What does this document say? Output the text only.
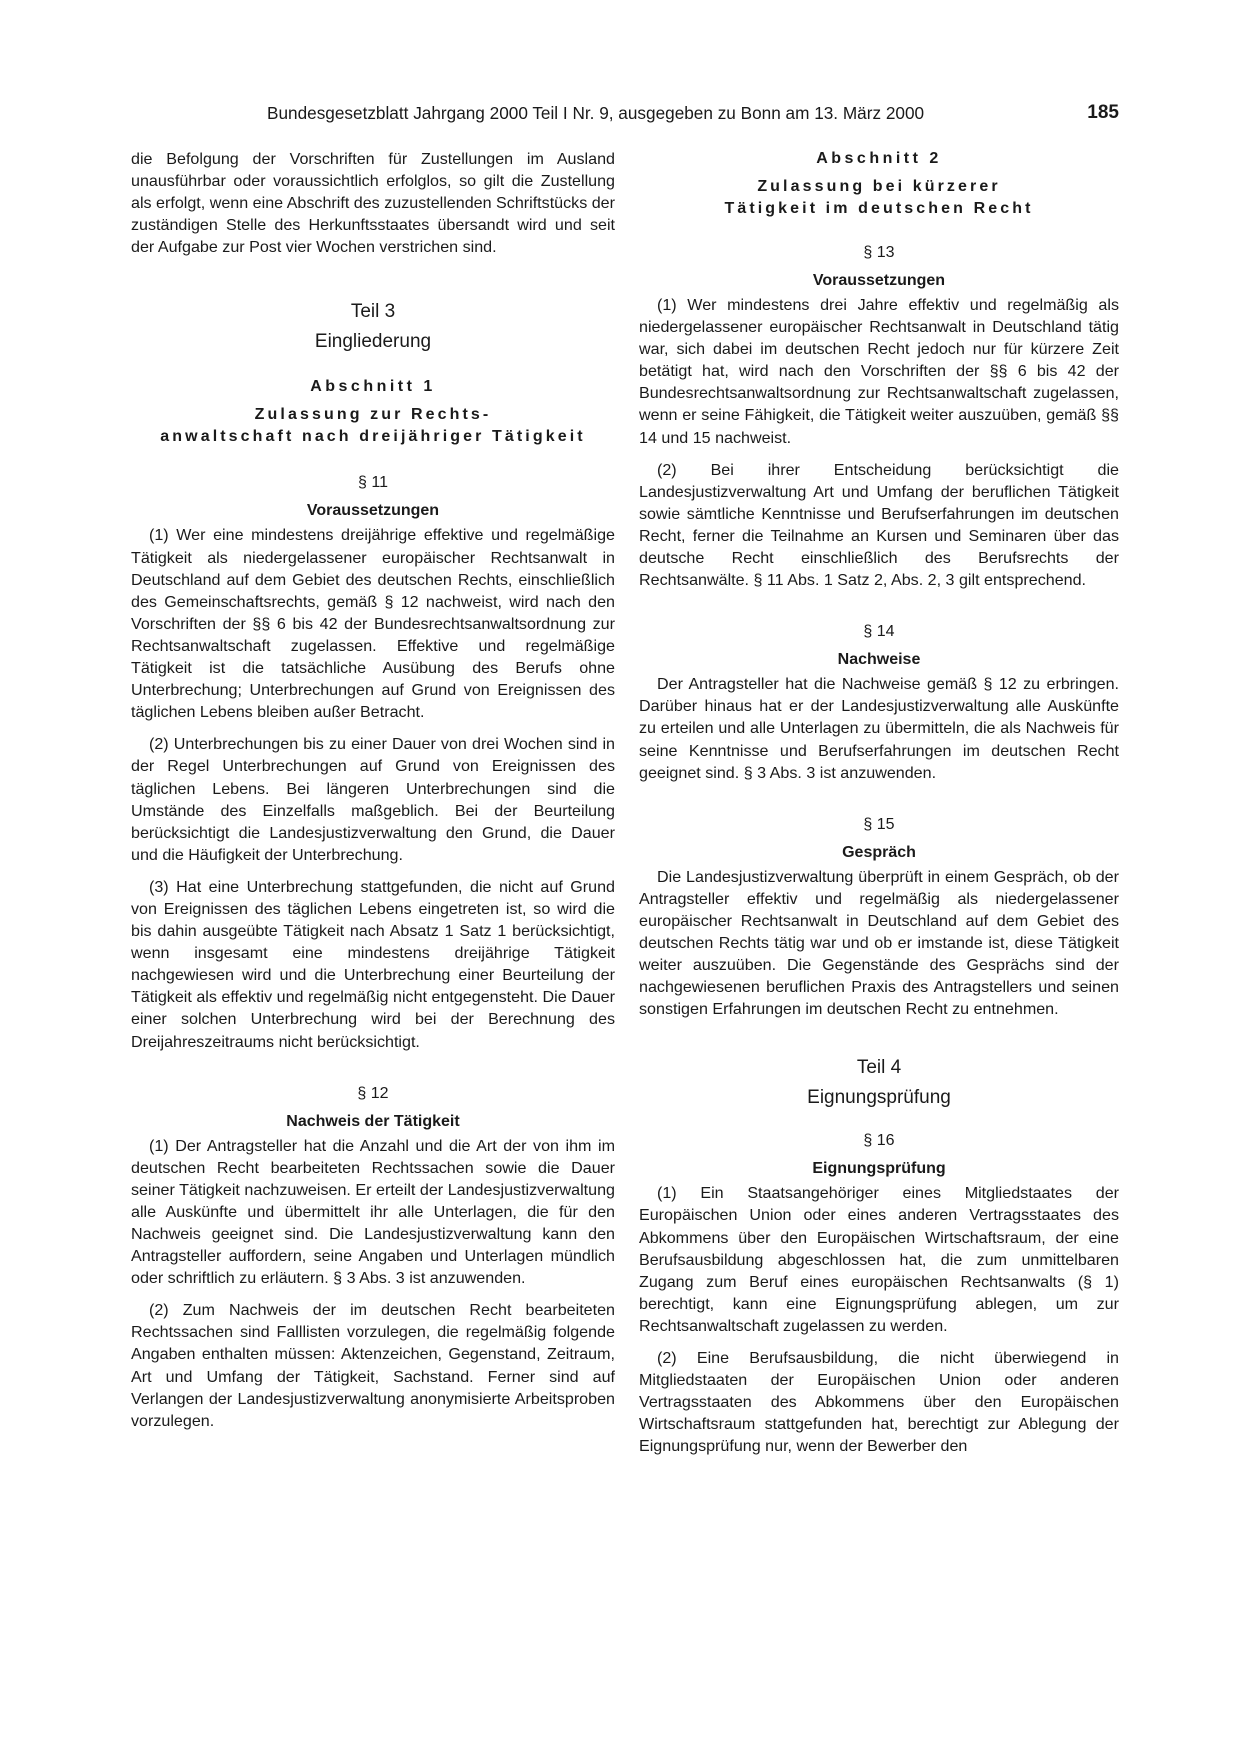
Bundesgesetzblatt Jahrgang 2000 Teil I Nr. 9, ausgegeben zu Bonn am 13. März 2000	185

die Befolgung der Vorschriften für Zustellungen im Ausland unausführbar oder voraussichtlich erfolglos, so gilt die Zustellung als erfolgt, wenn eine Abschrift des zuzustellenden Schriftstücks der zuständigen Stelle des Herkunftsstaates übersandt wird und seit der Aufgabe zur Post vier Wochen verstrichen sind.

Teil 3
Eingliederung
Abschnitt 1
Zulassung zur Rechts-
anwaltschaft nach dreijähriger Tätigkeit
§ 11
Voraussetzungen

(1) Wer eine mindestens dreijährige effektive und regelmäßige Tätigkeit als niedergelassener europäischer Rechtsanwalt in Deutschland auf dem Gebiet des deutschen Rechts, einschließlich des Gemeinschaftsrechts, gemäß § 12 nachweist, wird nach den Vorschriften der §§ 6 bis 42 der Bundesrechtsanwaltsordnung zur Rechtsanwaltschaft zugelassen. Effektive und regelmäßige Tätigkeit ist die tatsächliche Ausübung des Berufs ohne Unterbrechung; Unterbrechungen auf Grund von Ereignissen des täglichen Lebens bleiben außer Betracht.

(2) Unterbrechungen bis zu einer Dauer von drei Wochen sind in der Regel Unterbrechungen auf Grund von Ereignissen des täglichen Lebens. Bei längeren Unterbrechungen sind die Umstände des Einzelfalls maßgeblich. Bei der Beurteilung berücksichtigt die Landesjustizverwaltung den Grund, die Dauer und die Häufigkeit der Unterbrechung.

(3) Hat eine Unterbrechung stattgefunden, die nicht auf Grund von Ereignissen des täglichen Lebens eingetreten ist, so wird die bis dahin ausgeübte Tätigkeit nach Absatz 1 Satz 1 berücksichtigt, wenn insgesamt eine mindestens dreijährige Tätigkeit nachgewiesen wird und die Unterbrechung einer Beurteilung der Tätigkeit als effektiv und regelmäßig nicht entgegensteht. Die Dauer einer solchen Unterbrechung wird bei der Berechnung des Dreijahreszeitraums nicht berücksichtigt.

§ 12
Nachweis der Tätigkeit

(1) Der Antragsteller hat die Anzahl und die Art der von ihm im deutschen Recht bearbeiteten Rechtssachen sowie die Dauer seiner Tätigkeit nachzuweisen. Er erteilt der Landesjustizverwaltung alle Auskünfte und übermittelt ihr alle Unterlagen, die für den Nachweis geeignet sind. Die Landesjustizverwaltung kann den Antragsteller auffordern, seine Angaben und Unterlagen mündlich oder schriftlich zu erläutern. § 3 Abs. 3 ist anzuwenden.

(2) Zum Nachweis der im deutschen Recht bearbeiteten Rechtssachen sind Falllisten vorzulegen, die regelmäßig folgende Angaben enthalten müssen: Aktenzeichen, Gegenstand, Zeitraum, Art und Umfang der Tätigkeit, Sachstand. Ferner sind auf Verlangen der Landesjustizverwaltung anonymisierte Arbeitsproben vorzulegen.

Abschnitt 2
Zulassung bei kürzerer
Tätigkeit im deutschen Recht
§ 13
Voraussetzungen

(1) Wer mindestens drei Jahre effektiv und regelmäßig als niedergelassener europäischer Rechtsanwalt in Deutschland tätig war, sich dabei im deutschen Recht jedoch nur für kürzere Zeit betätigt hat, wird nach den Vorschriften der §§ 6 bis 42 der Bundesrechtsanwaltsordnung zur Rechtsanwaltschaft zugelassen, wenn er seine Fähigkeit, die Tätigkeit weiter auszuüben, gemäß §§ 14 und 15 nachweist.

(2) Bei ihrer Entscheidung berücksichtigt die Landesjustizverwaltung Art und Umfang der beruflichen Tätigkeit sowie sämtliche Kenntnisse und Berufserfahrungen im deutschen Recht, ferner die Teilnahme an Kursen und Seminaren über das deutsche Recht einschließlich des Berufsrechts der Rechtsanwälte. § 11 Abs. 1 Satz 2, Abs. 2, 3 gilt entsprechend.

§ 14
Nachweise

Der Antragsteller hat die Nachweise gemäß § 12 zu erbringen. Darüber hinaus hat er der Landesjustizverwaltung alle Auskünfte zu erteilen und alle Unterlagen zu übermitteln, die als Nachweis für seine Kenntnisse und Berufserfahrungen im deutschen Recht geeignet sind. § 3 Abs. 3 ist anzuwenden.

§ 15
Gespräch

Die Landesjustizverwaltung überprüft in einem Gespräch, ob der Antragsteller effektiv und regelmäßig als niedergelassener europäischer Rechtsanwalt in Deutschland auf dem Gebiet des deutschen Rechts tätig war und ob er imstande ist, diese Tätigkeit weiter auszuüben. Die Gegenstände des Gesprächs sind der nachgewiesenen beruflichen Praxis des Antragstellers und seinen sonstigen Erfahrungen im deutschen Recht zu entnehmen.

Teil 4
Eignungsprüfung
§ 16
Eignungsprüfung

(1) Ein Staatsangehöriger eines Mitgliedstaates der Europäischen Union oder eines anderen Vertragsstaates des Abkommens über den Europäischen Wirtschaftsraum, der eine Berufsausbildung abgeschlossen hat, die zum unmittelbaren Zugang zum Beruf eines europäischen Rechtsanwalts (§ 1) berechtigt, kann eine Eignungsprüfung ablegen, um zur Rechtsanwaltschaft zugelassen zu werden.

(2) Eine Berufsausbildung, die nicht überwiegend in Mitgliedstaaten der Europäischen Union oder anderen Vertragsstaaten des Abkommens über den Europäischen Wirtschaftsraum stattgefunden hat, berechtigt zur Ablegung der Eignungsprüfung nur, wenn der Bewerber den
